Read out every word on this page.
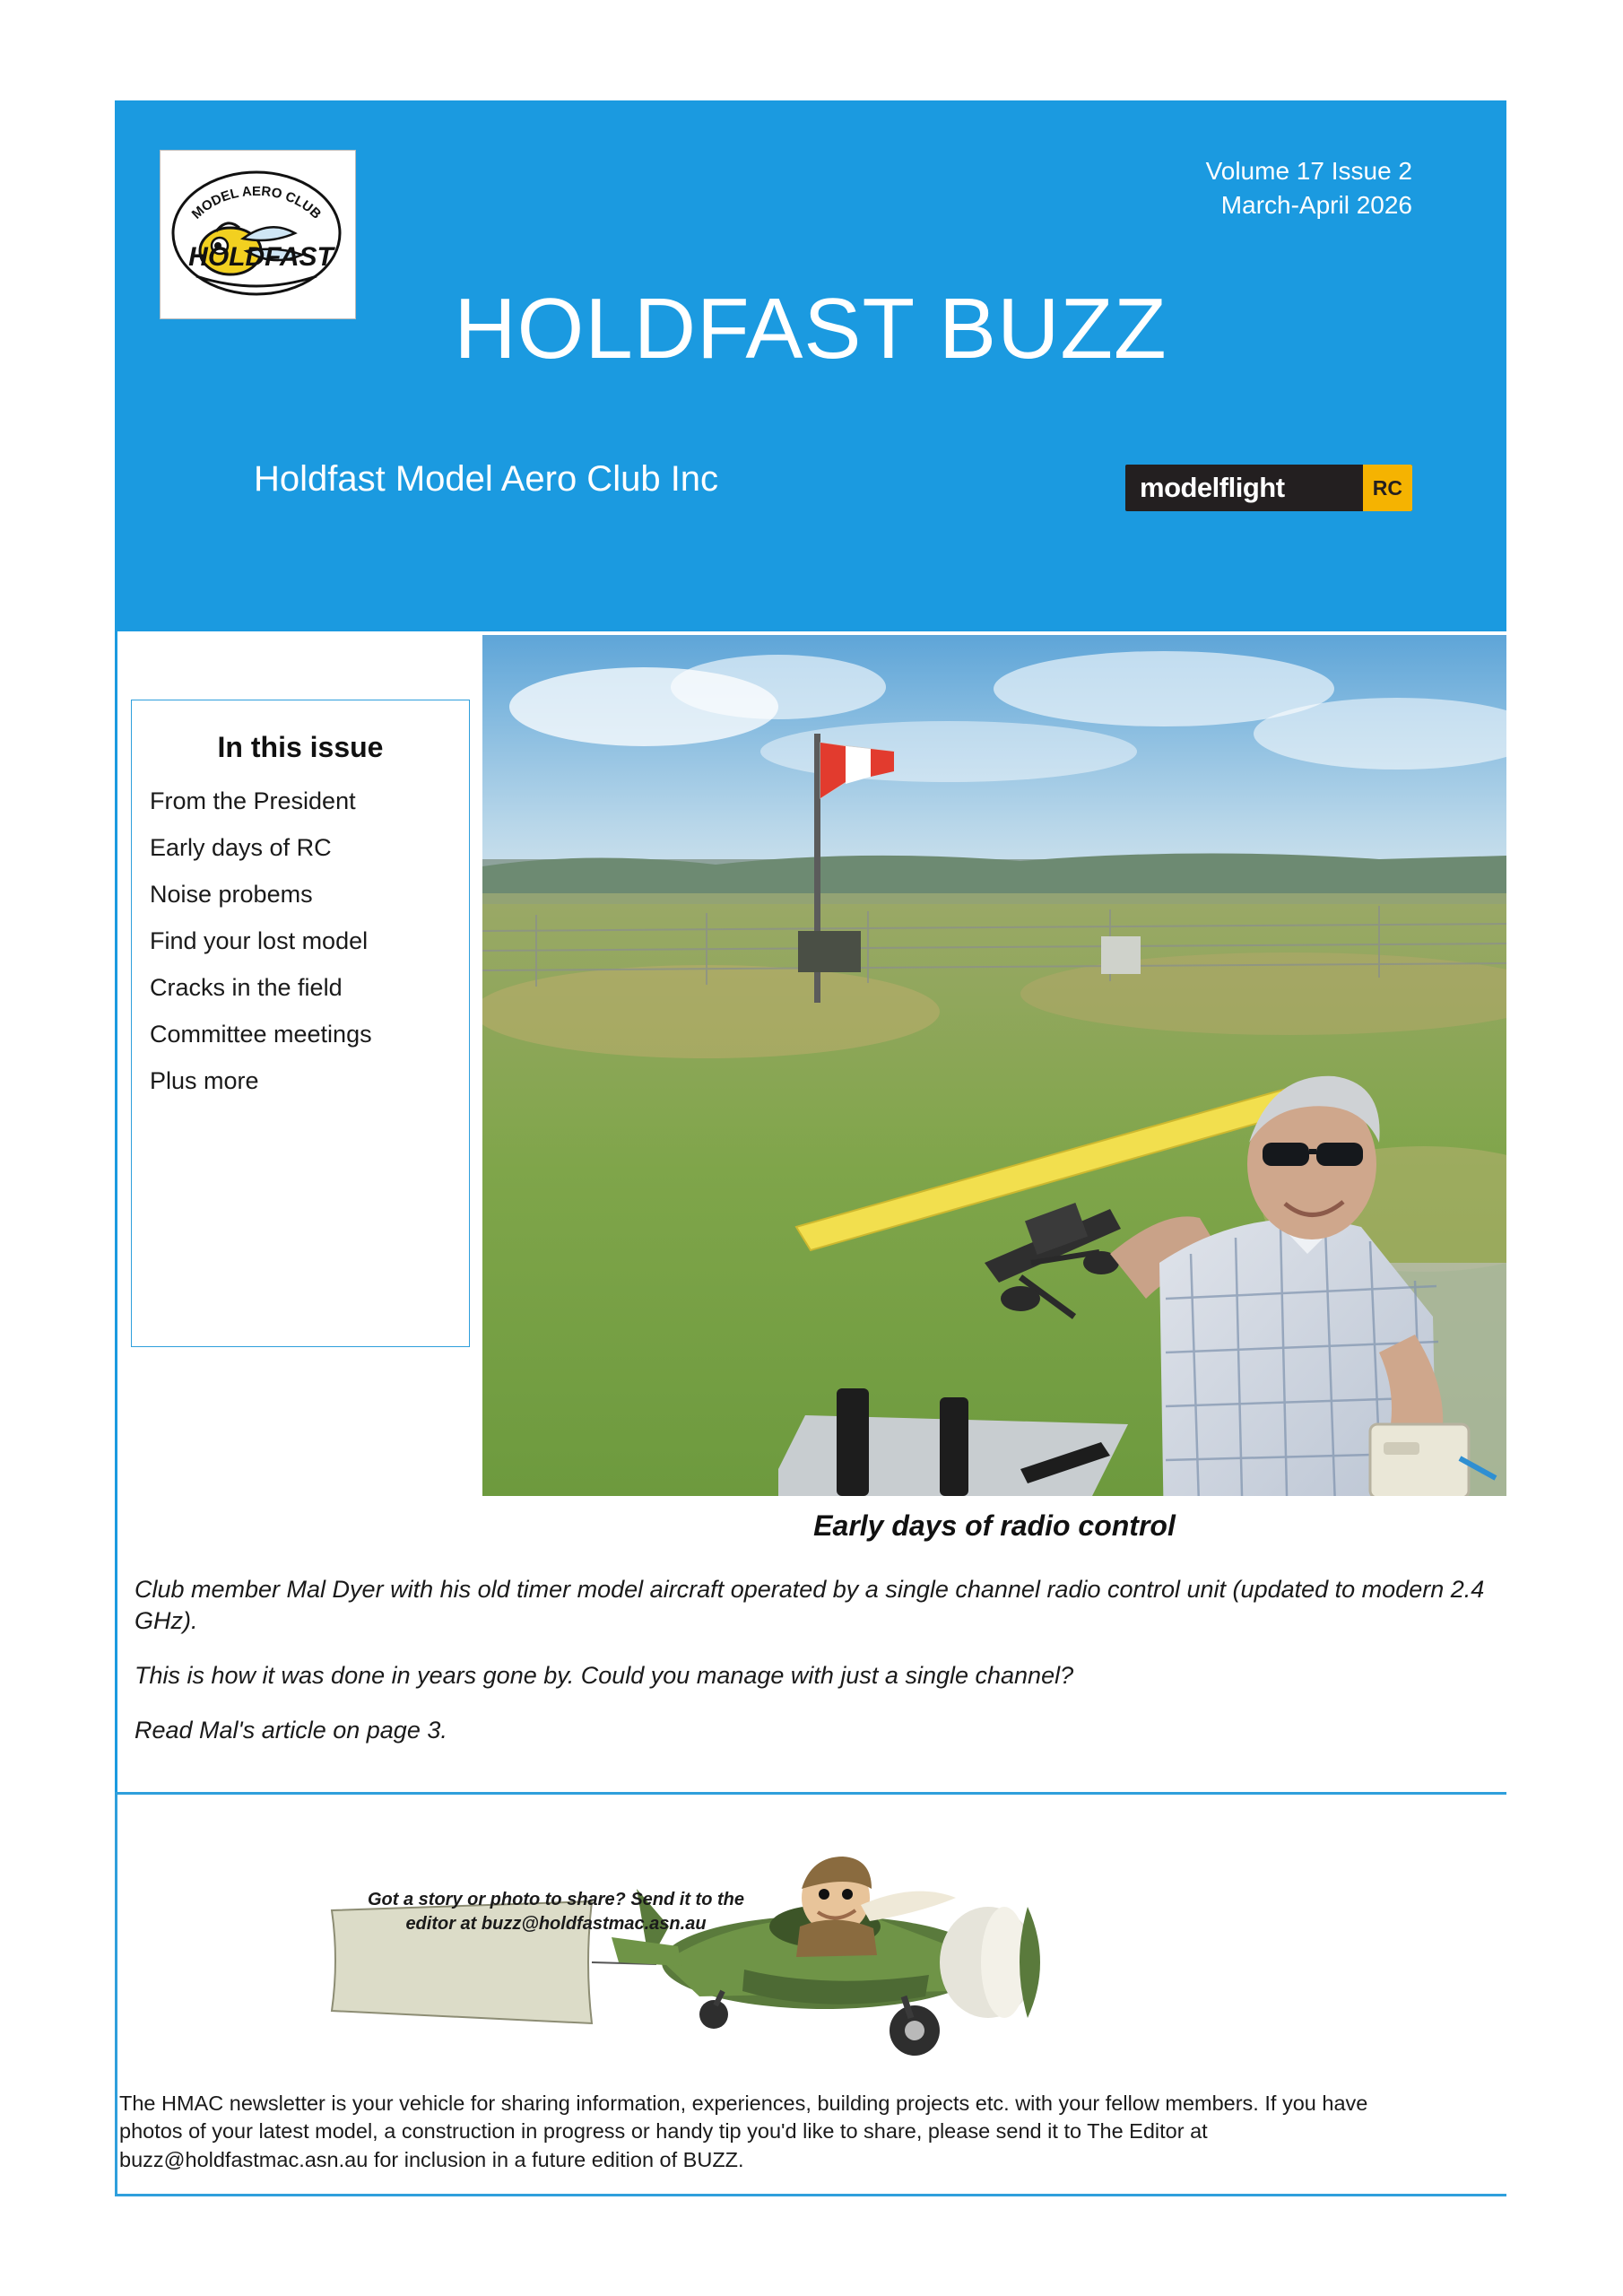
MODEL AERO CLUB
HOLDFAST
Volume 17 Issue 2
March-April 2026
HOLDFAST BUZZ
Holdfast Model Aero Club Inc	modelflight	RC
In this issue
From the President
Early days of RC
Noise probems
Find your lost model
Cracks in the field
Committee meetings
Plus more
Early days of radio control

Club member Mal Dyer with his old timer model aircraft operated by a single channel radio control unit (updated to modern 2.4 GHz).

This is how it was done in years gone by. Could you manage with just a single channel?

Read Mal's article on page 3.

Got a story or photo to share? Send it to the editor at buzz@holdfastmac.asn.au
The HMAC newsletter is your vehicle for sharing information, experiences, building projects etc. with your fellow members. If you have photos of your latest model, a construction in progress or handy tip you'd like to share, please send it to The Editor at buzz@holdfastmac.asn.au for inclusion in a future edition of BUZZ.
